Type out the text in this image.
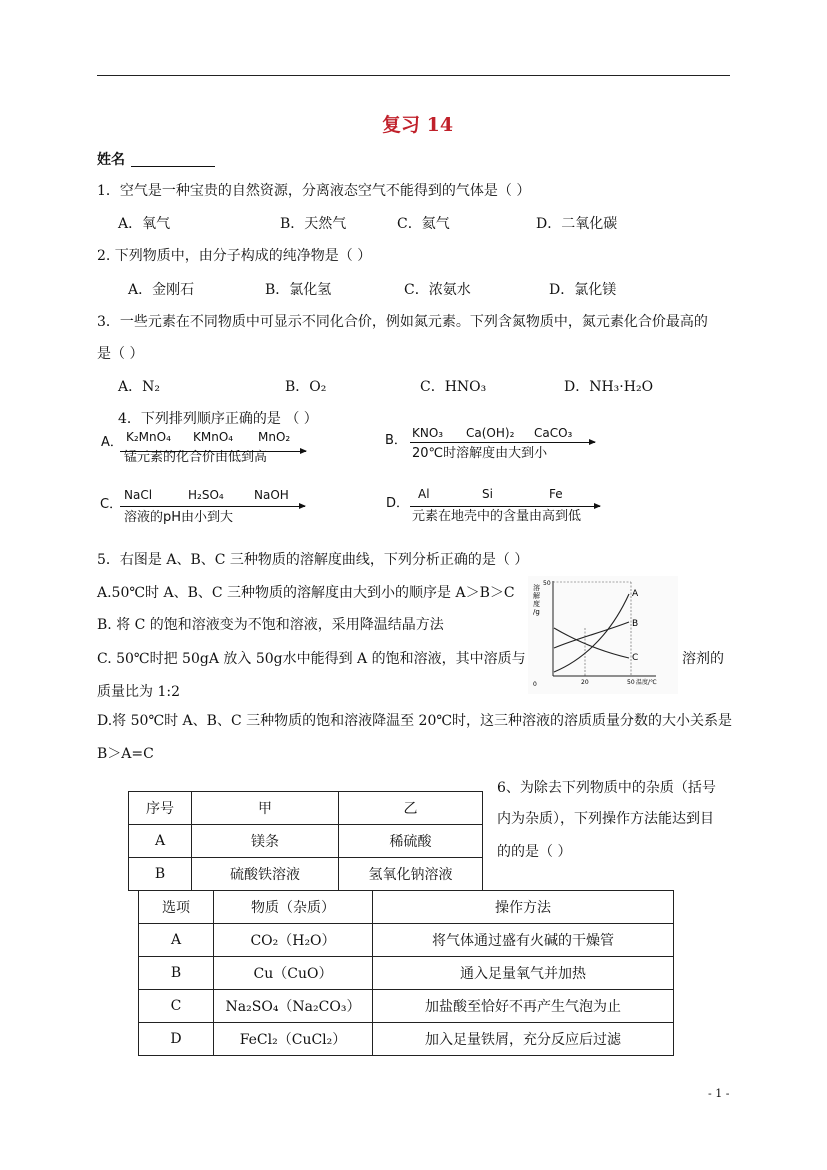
复习 14
姓名
1．空气是一种宝贵的自然资源，分离液态空气不能得到的气体是（ ）
A．氧气	B．天然气	C．氦气	D．二氧化碳
2. 下列物质中，由分子构成的纯净物是（ ）
A．金刚石	B．氯化氢	C．浓氨水	D．氯化镁
3．一些元素在不同物质中可显示不同化合价，例如氮元素。下列含氮物质中，氮元素化合价最高的
是（ ）
A．N₂	B．O₂	C．HNO₃	D．NH₃·H₂O
4．下列排列顺序正确的是 （ ）
A． K₂MnO₄ KMnO₄ MnO₂
锰元素的化合价由低到高
B． KNO₃ Ca(OH)₂ CaCO₃
20℃时溶解度由大到小
C．
NaCl	H₂SO₄	NaOH
溶液的pH由小到大
D．
Al	Si	Fe
元素在地壳中的含量由高到低
5．右图是 A、B、C 三种物质的溶解度曲线，下列分析正确的是（ ）
A.50℃时 A、B、C 三种物质的溶解度由大到小的顺序是 A＞B＞C
B. 将 C 的饱和溶液变为不饱和溶液，采用降温结晶方法
C. 50℃时把 50gA 放入 50g水中能得到 A 的饱和溶液，其中溶质与	溶剂的
质量比为 1:2
D.将 50℃时 A、B、C 三种物质的饱和溶液降温至 20℃时，这三种溶液的溶质质量分数的大小关系是
B＞A=C
A
B
C
溶
解
度
/g
50
0	20	50 温度/℃
6、为除去下列物质中的杂质（括号
内为杂质），下列操作方法能达到目
的的是（ ）
序号	甲	乙
A	镁条	稀硫酸
B	硫酸铁溶液	氢氧化钠溶液
选项	物质（杂质）	操作方法
A	CO₂（H₂O）	将气体通过盛有火碱的干燥管
B	Cu（CuO）	通入足量氧气并加热
C	Na₂SO₄（Na₂CO₃）	加盐酸至恰好不再产生气泡为止
D	FeCl₂（CuCl₂）	加入足量铁屑，充分反应后过滤
- 1 -
